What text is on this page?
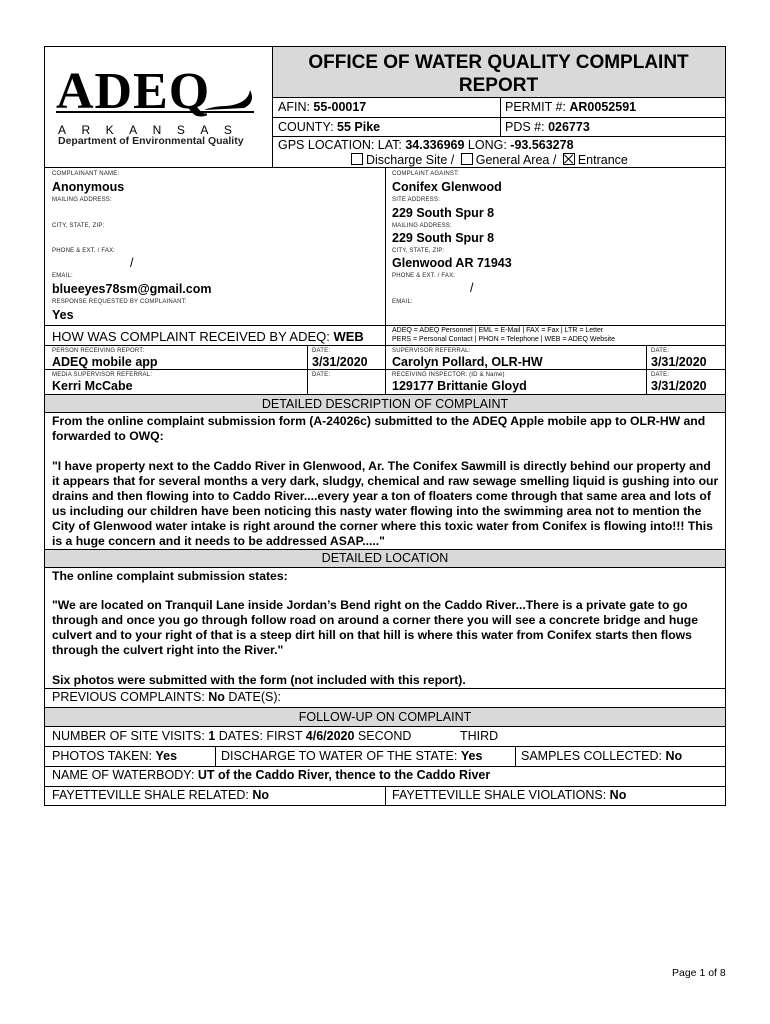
ADEQ
ARKANSAS
Department of Environmental Quality
OFFICE OF WATER QUALITY COMPLAINT
REPORT
AFIN: 55-00017	PERMIT #: AR0052591
COUNTY: 55 Pike	PDS #: 026773
GPS LOCATION: LAT: 34.336969 LONG: -93.563278
Discharge Site / General Area / Entrance
COMPLAINANT NAME:
Anonymous
MAILING ADDRESS:
CITY, STATE, ZIP:
PHONE & EXT. / FAX:
/
EMAIL:
blueeyes78sm@gmail.com
RESPONSE REQUESTED BY COMPLAINANT:
Yes
COMPLAINT AGAINST:
Conifex Glenwood
SITE ADDRESS:
229 South Spur 8
MAILING ADDRESS:
229 South Spur 8
CITY, STATE, ZIP:
Glenwood AR 71943
PHONE & EXT. / FAX:
/
EMAIL:
HOW WAS COMPLAINT RECEIVED BY ADEQ: WEB	ADEQ = ADEQ Personnel | EML = E-Mail | FAX = Fax | LTR = Letter
PERS = Personal Contact | PHON = Telephone | WEB = ADEQ Website
PERSON RECEIVING REPORT:
ADEQ mobile app
DATE:
3/31/2020
SUPERVISOR REFERRAL:
Carolyn Pollard, OLR-HW
DATE:
3/31/2020
MEDIA SUPERVISOR REFERRAL:
Kerri McCabe
DATE:	RECEIVING INSPECTOR: (ID & Name)
129177 Brittanie Gloyd
DATE:
3/31/2020
DETAILED DESCRIPTION OF COMPLAINT
From the online complaint submission form (A-24026c) submitted to the ADEQ Apple mobile app to OLR-HW and forwarded to OWQ:
"I have property next to the Caddo River in Glenwood, Ar. The Conifex Sawmill is directly behind our property and it appears that for several months a very dark, sludgy, chemical and raw sewage smelling liquid is gushing into our drains and then flowing into to Caddo River....every year a ton of floaters come through that same area and lots of us including our children have been noticing this nasty water flowing into the swimming area not to mention the City of Glenwood water intake is right around the corner where this toxic water from Conifex is flowing into!!! This is a huge concern and it needs to be addressed ASAP....."
DETAILED LOCATION
The online complaint submission states:
"We are located on Tranquil Lane inside Jordan’s Bend right on the Caddo River...There is a private gate to go through and once you go through follow road on around a corner there you will see a concrete bridge and huge culvert and to your right of that is a steep dirt hill on that hill is where this water from Conifex starts then flows through the culvert right into the River."
Six photos were submitted with the form (not included with this report).
PREVIOUS COMPLAINTS: No DATE(S):
FOLLOW-UP ON COMPLAINT
NUMBER OF SITE VISITS: 1 DATES: FIRST 4/6/2020 SECOND	THIRD
PHOTOS TAKEN: Yes	DISCHARGE TO WATER OF THE STATE: Yes	SAMPLES COLLECTED: No
NAME OF WATERBODY: UT of the Caddo River, thence to the Caddo River
FAYETTEVILLE SHALE RELATED: No	FAYETTEVILLE SHALE VIOLATIONS: No
Page 1 of 8
